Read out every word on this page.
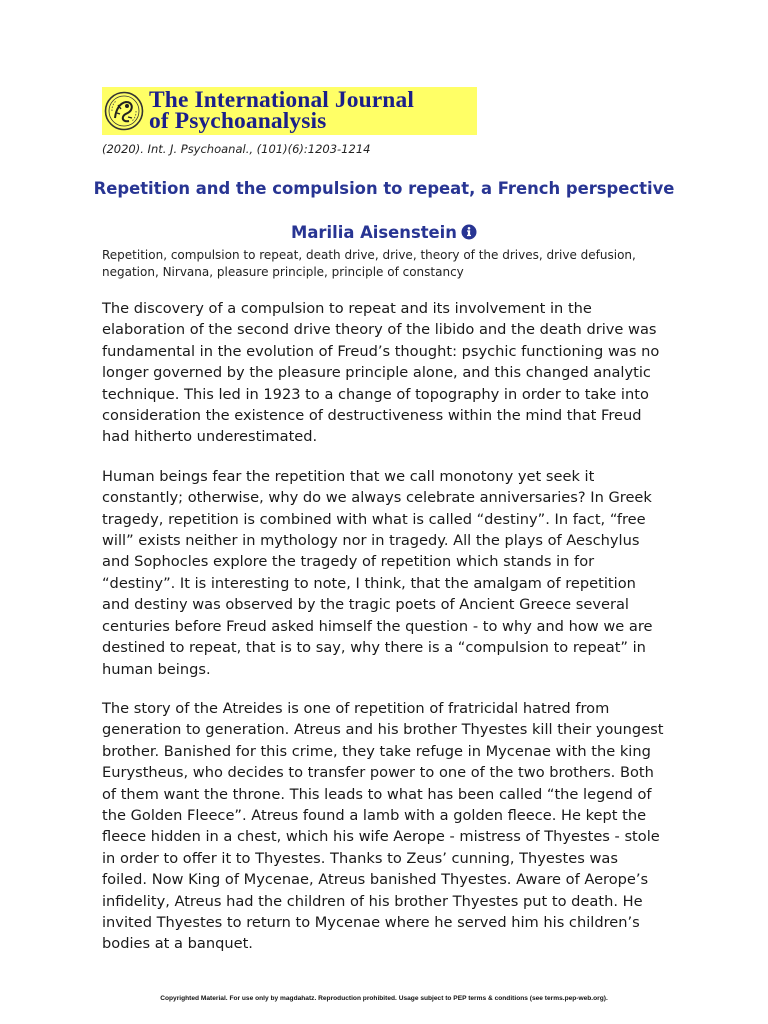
The International Journal
of Psychoanalysis
(2020). Int. J. Psychoanal., (101)(6):1203-1214
Repetition and the compulsion to repeat, a French perspective
Marilia Aisenstein
Repetition, compulsion to repeat, death drive, drive, theory of the drives, drive defusion, negation, Nirvana, pleasure principle, principle of constancy

The discovery of a compulsion to repeat and its involvement in the elaboration of the second drive theory of the libido and the death drive was fundamental in the evolution of Freud’s thought: psychic functioning was no longer governed by the pleasure principle alone, and this changed analytic technique. This led in 1923 to a change of topography in order to take into consideration the existence of destructiveness within the mind that Freud had hitherto underestimated.

Human beings fear the repetition that we call monotony yet seek it constantly; otherwise, why do we always celebrate anniversaries? In Greek tragedy, repetition is combined with what is called “destiny”. In fact, “free will” exists neither in mythology nor in tragedy. All the plays of Aeschylus and Sophocles explore the tragedy of repetition which stands in for “destiny”. It is interesting to note, I think, that the amalgam of repetition and destiny was observed by the tragic poets of Ancient Greece several centuries before Freud asked himself the question - to why and how we are destined to repeat, that is to say, why there is a “compulsion to repeat” in human beings.

The story of the Atreides is one of repetition of fratricidal hatred from generation to generation. Atreus and his brother Thyestes kill their youngest brother. Banished for this crime, they take refuge in Mycenae with the king Eurystheus, who decides to transfer power to one of the two brothers. Both of them want the throne. This leads to what has been called “the legend of the Golden Fleece”. Atreus found a lamb with a golden fleece. He kept the fleece hidden in a chest, which his wife Aerope - mistress of Thyestes - stole in order to offer it to Thyestes. Thanks to Zeus’ cunning, Thyestes was foiled. Now King of Mycenae, Atreus banished Thyestes. Aware of Aerope’s infidelity, Atreus had the children of his brother Thyestes put to death. He invited Thyestes to return to Mycenae where he served him his children’s bodies at a banquet.

Copyrighted Material. For use only by magdahatz. Reproduction prohibited. Usage subject to PEP terms & conditions (see terms.pep-web.org).
